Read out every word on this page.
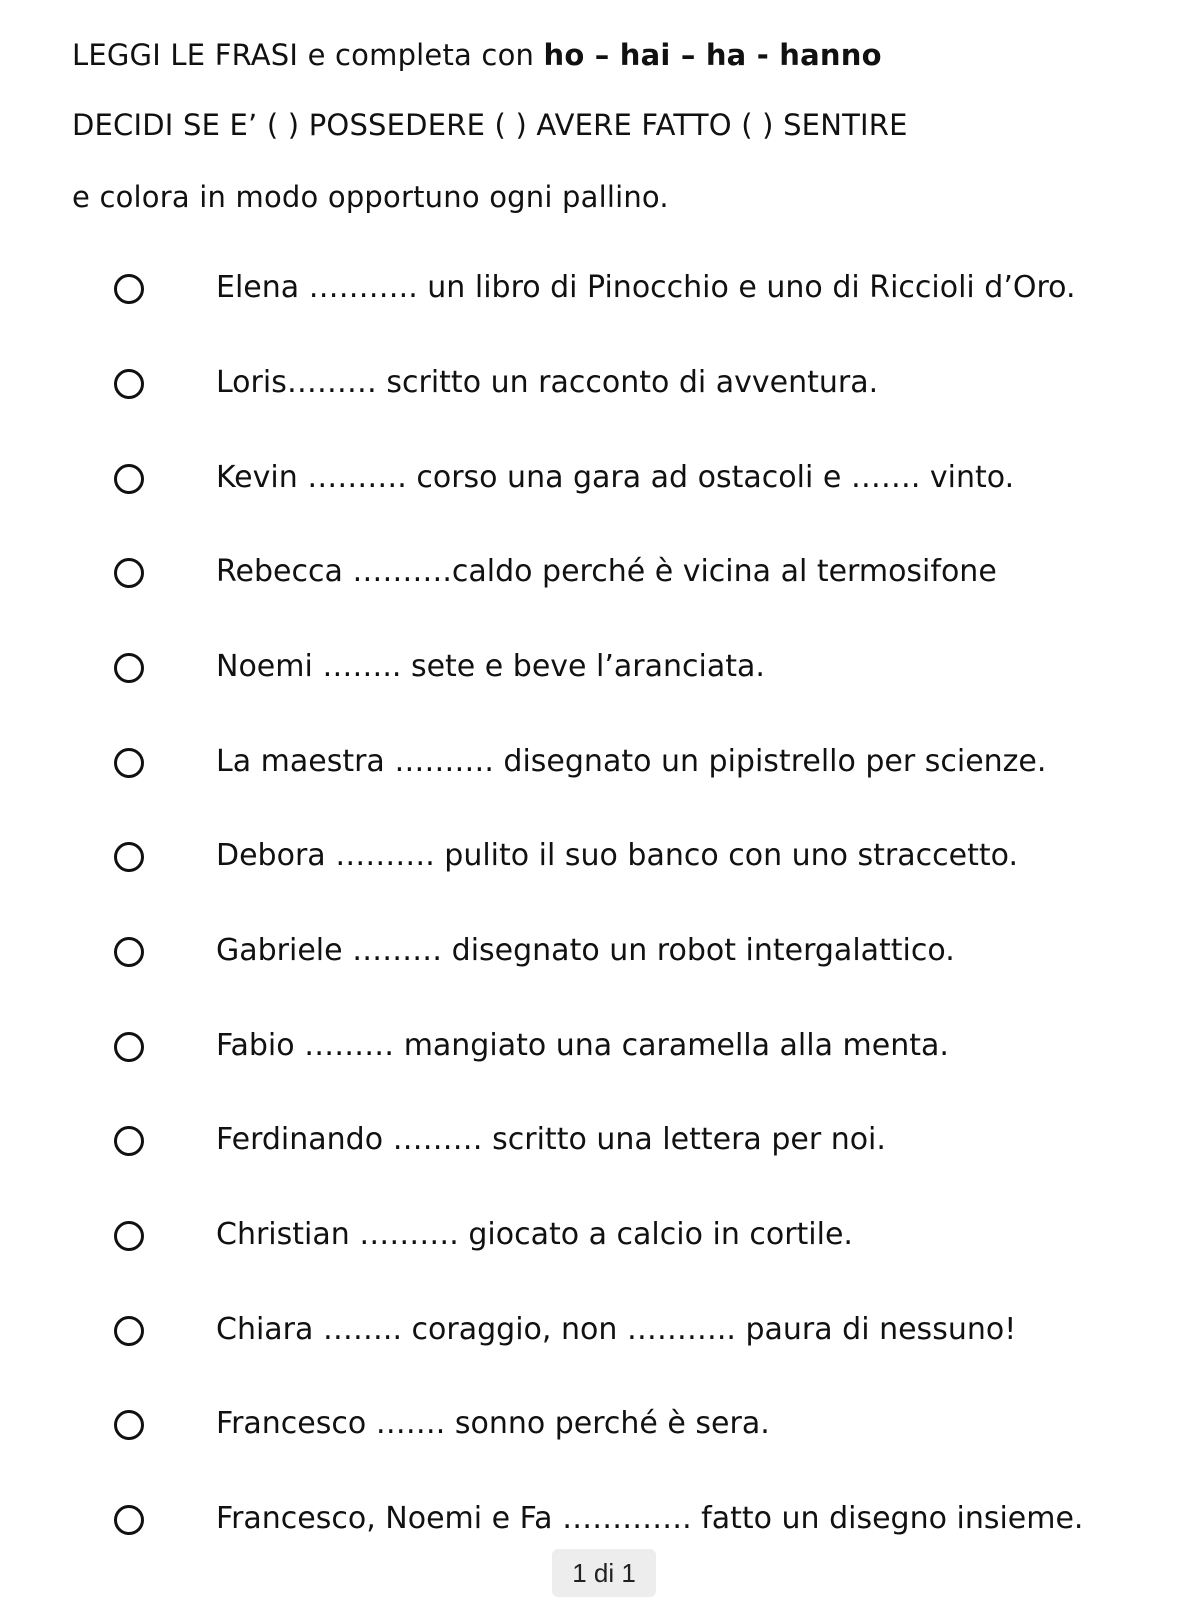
LEGGI LE FRASI e completa con ho – hai – ha - hanno
DECIDI SE E’ ( ) POSSEDERE ( ) AVERE FATTO ( ) SENTIRE
e colora in modo opportuno ogni pallino.
Elena ……….. un libro di Pinocchio e uno di Riccioli d’Oro.
Loris……… scritto un racconto di avventura.
Kevin ………. corso una gara ad ostacoli e ……. vinto.
Rebecca ……….caldo perché è vicina al termosifone
Noemi …….. sete e beve l’aranciata.
La maestra ………. disegnato un pipistrello per scienze.
Debora ………. pulito il suo banco con uno straccetto.
Gabriele ……… disegnato un robot intergalattico.
Fabio ……… mangiato una caramella alla menta.
Ferdinando ……… scritto una lettera per noi.
Christian ………. giocato a calcio in cortile.
Chiara …….. coraggio, non ……….. paura di nessuno!
Francesco ……. sonno perché è sera.
Francesco, Noemi e Fa …………. fatto un disegno insieme.
1 di 1
